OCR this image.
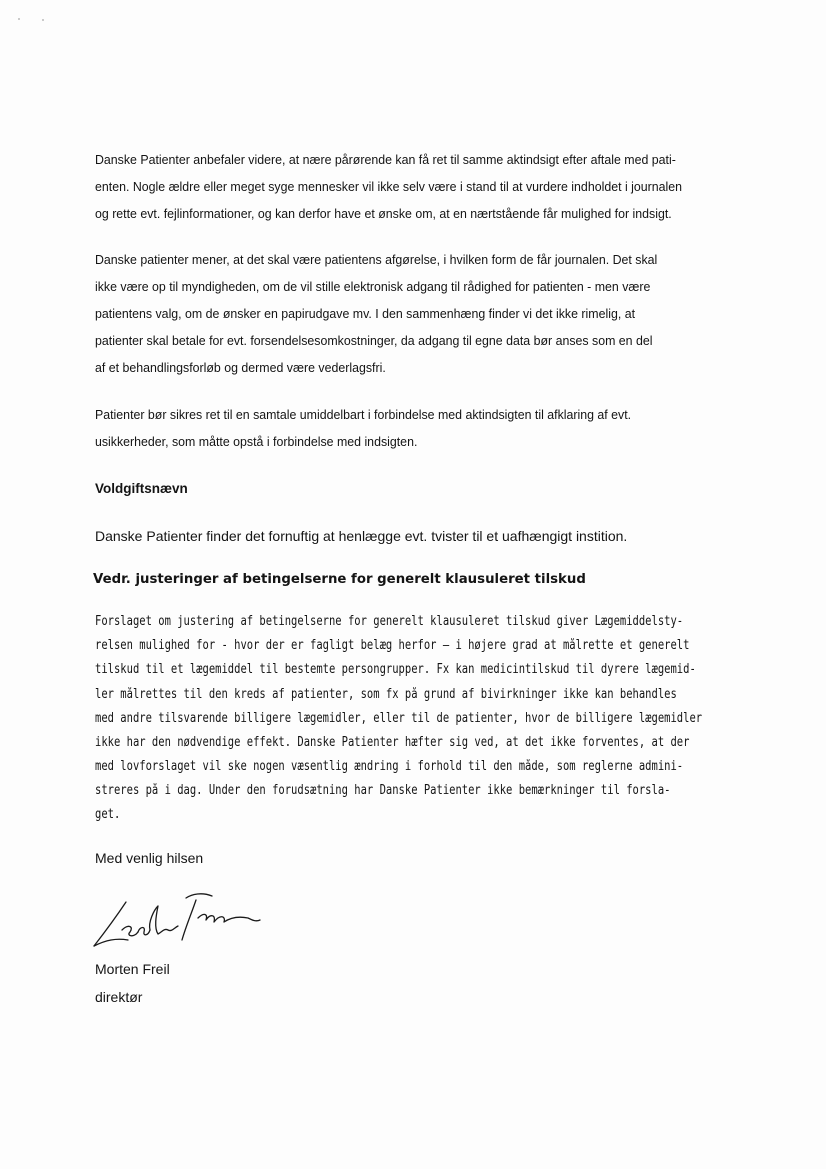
Danske Patienter anbefaler videre, at nære pårørende kan få ret til samme aktindsigt efter aftale med pati-
enten. Nogle ældre eller meget syge mennesker vil ikke selv være i stand til at vurdere indholdet i journalen
og rette evt. fejlinformationer, og kan derfor have et ønske om, at en nærtstående får mulighed for indsigt.
Danske patienter mener, at det skal være patientens afgørelse, i hvilken form de får journalen. Det skal
ikke være op til myndigheden, om de vil stille elektronisk adgang til rådighed for patienten - men være
patientens valg, om de ønsker en papirudgave mv. I den sammenhæng finder vi det ikke rimelig, at
patienter skal betale for evt. forsendelsesomkostninger, da adgang til egne data bør anses som en del
af et behandlingsforløb og dermed være vederlagsfri.
Patienter bør sikres ret til en samtale umiddelbart i forbindelse med aktindsigten til afklaring af evt.
usikkerheder, som måtte opstå i forbindelse med indsigten.
Voldgiftsnævn
Danske Patienter finder det fornuftig at henlægge evt. tvister til et uafhængigt instition.
Vedr. justeringer af betingelserne for generelt klausuleret tilskud
Forslaget om justering af betingelserne for generelt klausuleret tilskud giver Lægemiddelsty-
relsen mulighed for - hvor der er fagligt belæg herfor – i højere grad at målrette et generelt
tilskud til et lægemiddel til bestemte persongrupper. Fx kan medicintilskud til dyrere lægemid-
ler målrettes til den kreds af patienter, som fx på grund af bivirkninger ikke kan behandles
med andre tilsvarende billigere lægemidler, eller til de patienter, hvor de billigere lægemidler
ikke har den nødvendige effekt. Danske Patienter hæfter sig ved, at det ikke forventes, at der
med lovforslaget vil ske nogen væsentlig ændring i forhold til den måde, som reglerne admini-
streres på i dag. Under den forudsætning har Danske Patienter ikke bemærkninger til forsla-
get.
Med venlig hilsen
Morten Freil
direktør
